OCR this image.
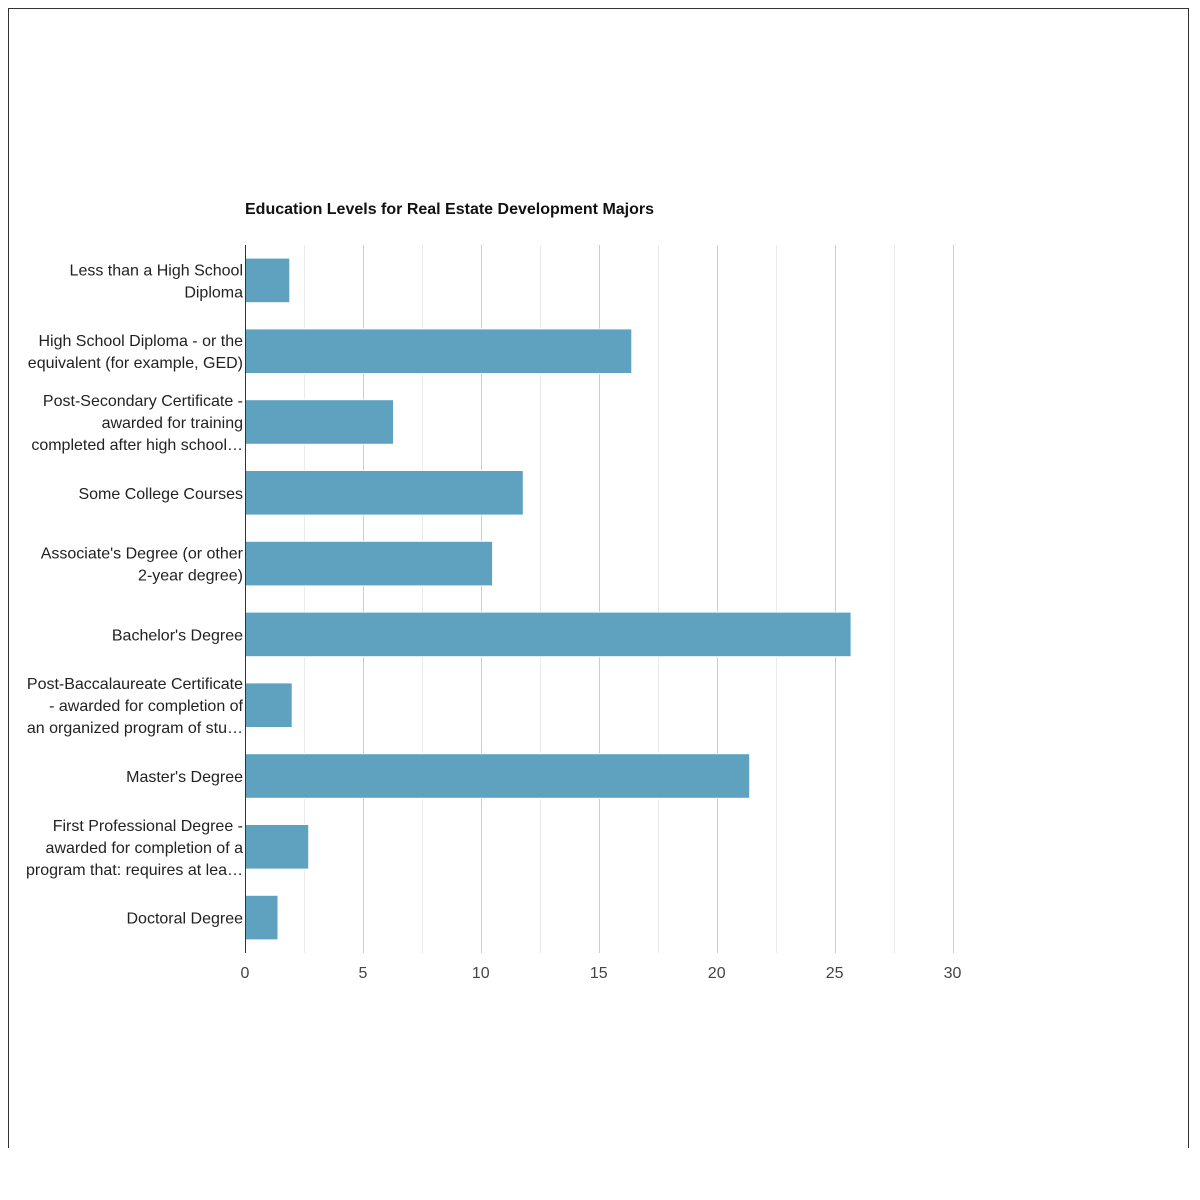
Education Levels for Real Estate Development Majors
Less than a High School Diploma
High School Diploma - or the equivalent (for example, GED)
Post-Secondary Certificate -awarded for training completed after high school…
Some College Courses
Associate's Degree (or other 2-year degree)
Bachelor's Degree
Post-Baccalaureate Certificate - awarded for completion of an organized program of stu…
Master's Degree
First Professional Degree -awarded for completion of a program that: requires at lea…
Doctoral Degree
0	5	10	15	20	25	30
